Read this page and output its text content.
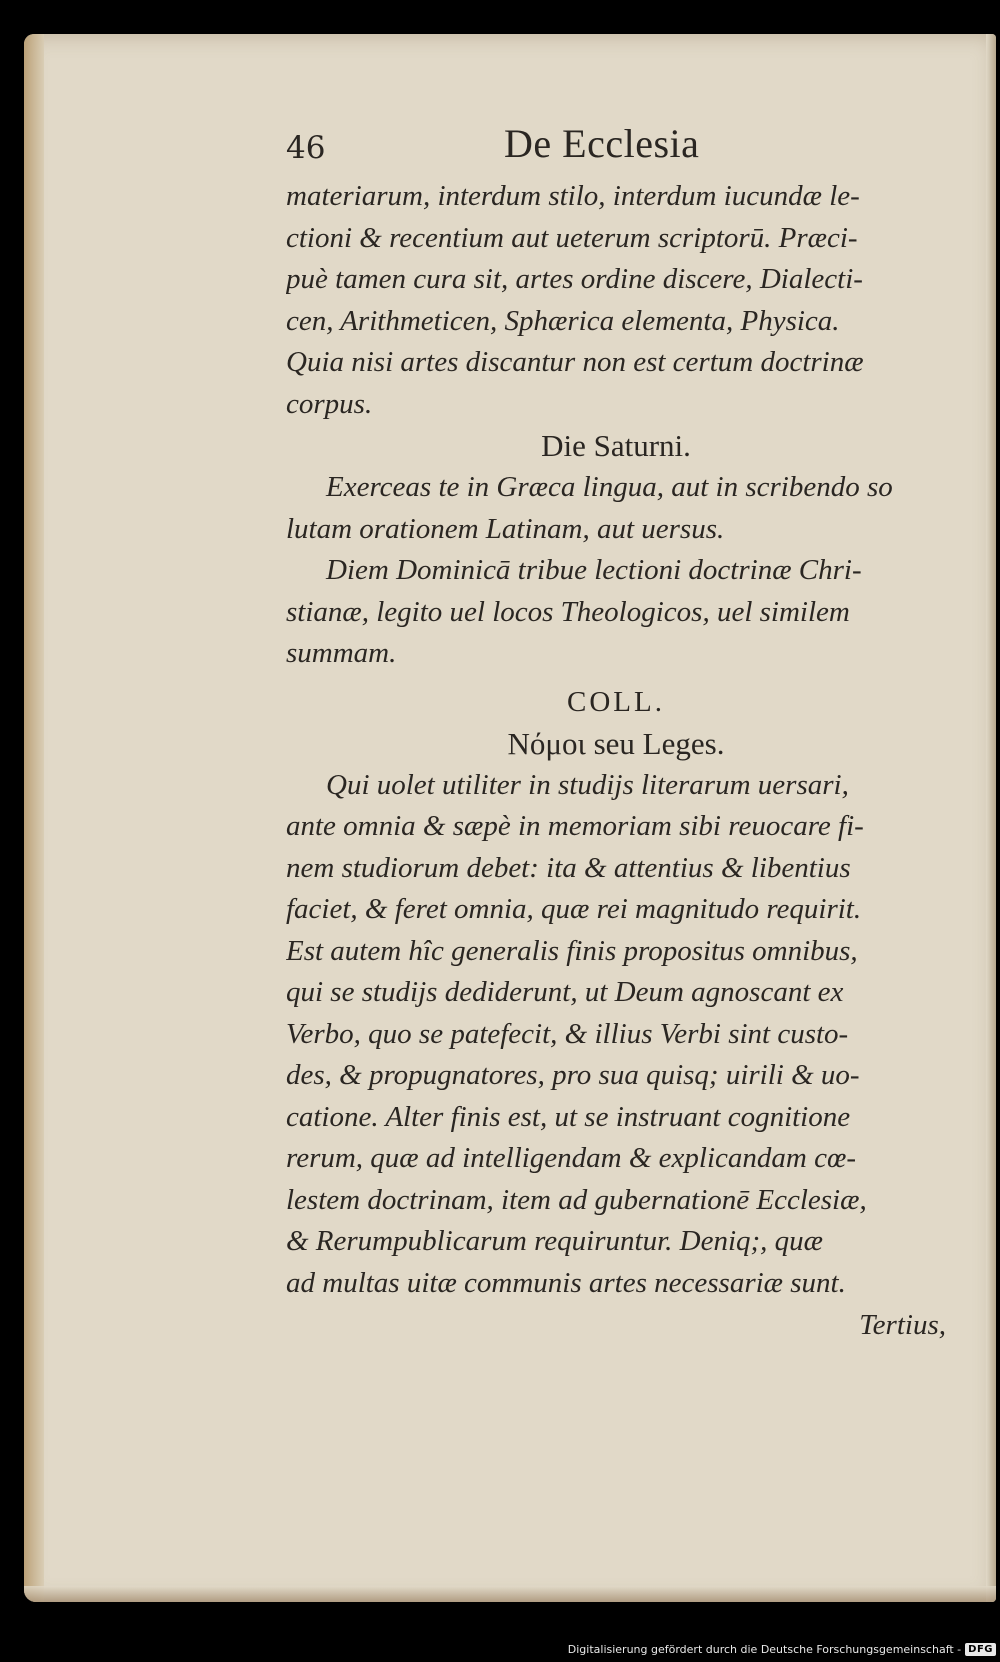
46	De Ecclesia

materiarum, interdum stilo, interdum iucundæ le-
ctioni & recentium aut ueterum scriptorū. Præci-
puè tamen cura sit, artes ordine discere, Dialecti-
cen, Arithmeticen, Sphærica elementa, Physica.
Quia nisi artes discantur non est certum doctrinæ
corpus.

Die Saturni.

Exerceas te in Græca lingua, aut in scribendo so
lutam orationem Latinam, aut uersus.

Diem Dominicā tribue lectioni doctrinæ Chri-
stianæ, legito uel locos Theologicos, uel similem
summam.

COLL.

Νόμοι seu Leges.

Qui uolet utiliter in studijs literarum uersari,
ante omnia & sæpè in memoriam sibi reuocare fi-
nem studiorum debet: ita & attentius & libentius
faciet, & feret omnia, quæ rei magnitudo requirit.
Est autem hîc generalis finis propositus omnibus,
qui se studijs dediderunt, ut Deum agnoscant ex
Verbo, quo se patefecit, & illius Verbi sint custo-
des, & propugnatores, pro sua quisq; uirili & uo-
catione. Alter finis est, ut se instruant cognitione
rerum, quæ ad intelligendam & explicandam cœ-
lestem doctrinam, item ad gubernationē Ecclesiæ,
& Rerumpublicarum requiruntur. Deniq;, quæ
ad multas uitæ communis artes necessariæ sunt.

Tertius,

Digitalisierung gefördert durch die Deutsche Forschungsgemeinschaft - DFG
